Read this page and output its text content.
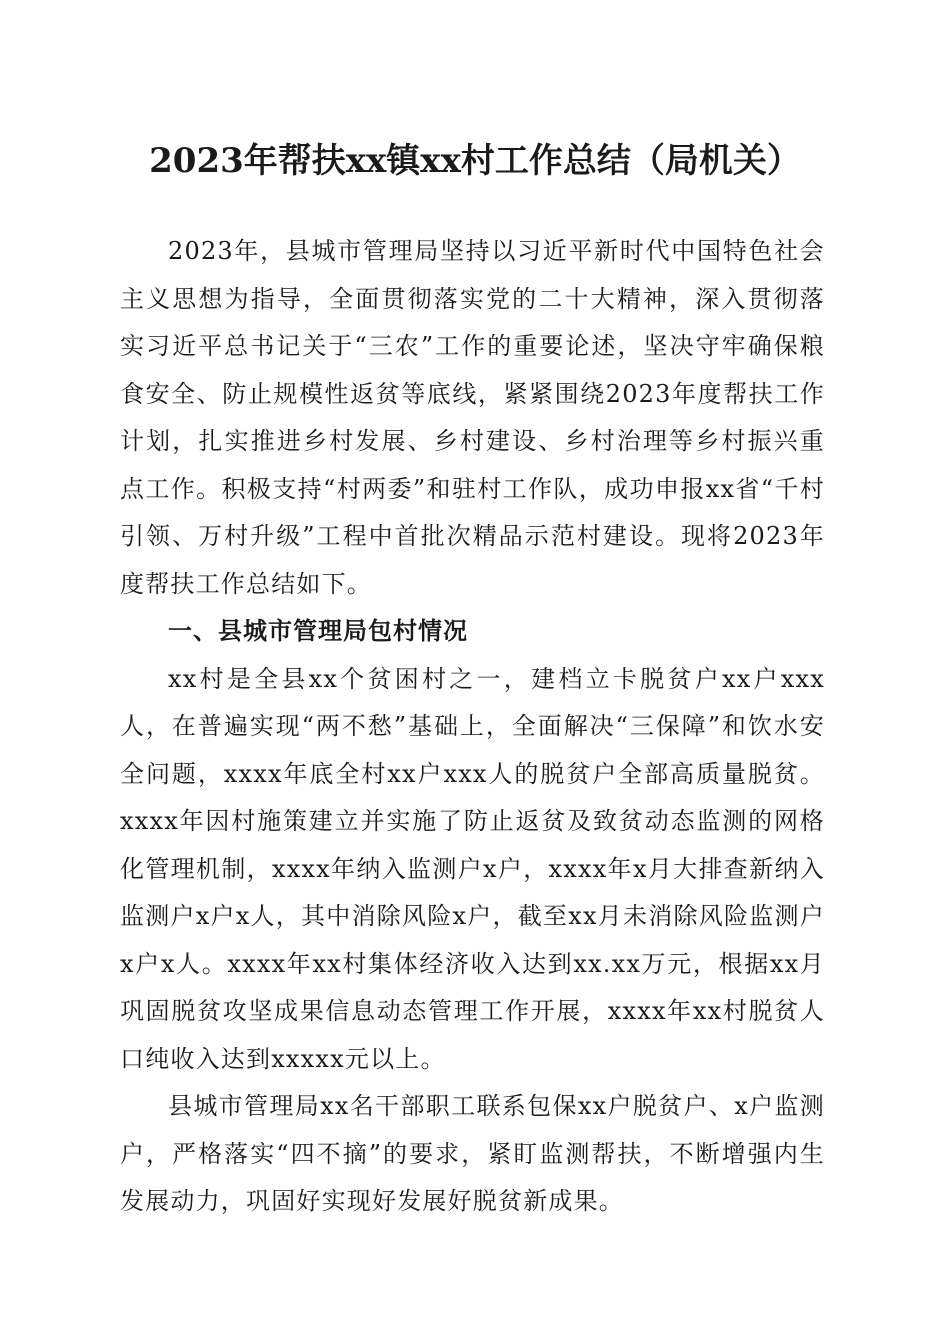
2023年帮扶xx镇xx村工作总结（局机关）

2023年，县城市管理局坚持以习近平新时代中国特色社会主义思想为指导，全面贯彻落实党的二十大精神，深入贯彻落实习近平总书记关于“三农”工作的重要论述，坚决守牢确保粮食安全、防止规模性返贫等底线，紧紧围绕2023年度帮扶工作计划，扎实推进乡村发展、乡村建设、乡村治理等乡村振兴重点工作。积极支持“村两委”和驻村工作队，成功申报xx省“千村引领、万村升级”工程中首批次精品示范村建设。现将2023年度帮扶工作总结如下。

一、县城市管理局包村情况

xx村是全县xx个贫困村之一，建档立卡脱贫户xx户xxx人，在普遍实现“两不愁”基础上，全面解决“三保障”和饮水安全问题，xxxx年底全村xx户xxx人的脱贫户全部高质量脱贫。xxxx年因村施策建立并实施了防止返贫及致贫动态监测的网格化管理机制，xxxx年纳入监测户x户，xxxx年x月大排查新纳入监测户x户x人，其中消除风险x户，截至xx月未消除风险监测户x户x人。xxxx年xx村集体经济收入达到xx.xx万元，根据xx月巩固脱贫攻坚成果信息动态管理工作开展，xxxx年xx村脱贫人口纯收入达到xxxxx元以上。

县城市管理局xx名干部职工联系包保xx户脱贫户、x户监测户，严格落实“四不摘”的要求，紧盯监测帮扶，不断增强内生发展动力，巩固好实现好发展好脱贫新成果。
